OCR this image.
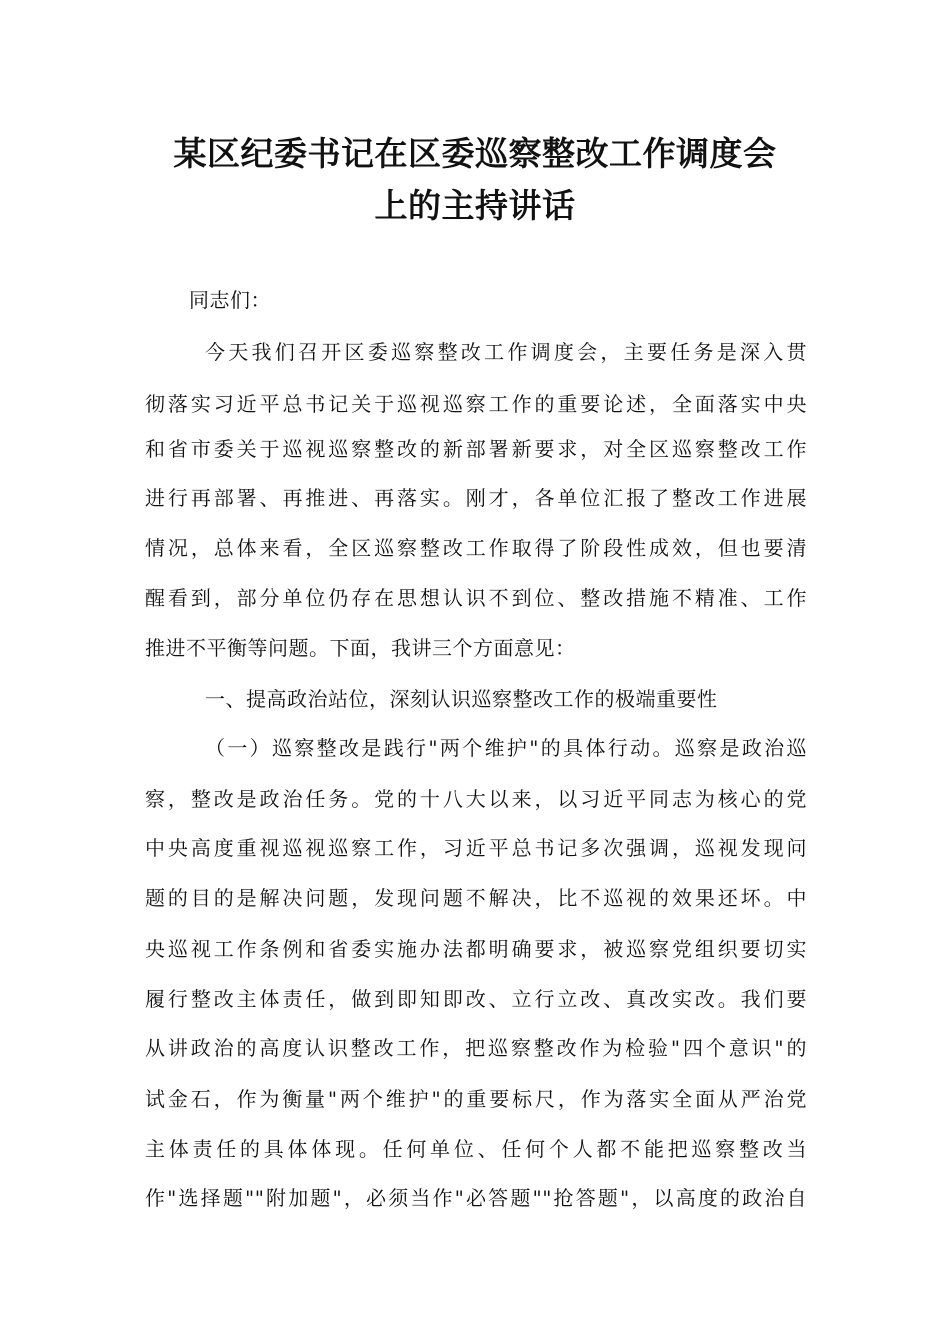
某区纪委书记在区委巡察整改工作调度会
上的主持讲话
同志们：
今天我们召开区委巡察整改工作调度会，主要任务是深入贯
彻落实习近平总书记关于巡视巡察工作的重要论述，全面落实中央
和省市委关于巡视巡察整改的新部署新要求，对全区巡察整改工作
进行再部署、再推进、再落实。刚才，各单位汇报了整改工作进展
情况，总体来看，全区巡察整改工作取得了阶段性成效，但也要清
醒看到，部分单位仍存在思想认识不到位、整改措施不精准、工作
推进不平衡等问题。下面，我讲三个方面意见：
一、提高政治站位，深刻认识巡察整改工作的极端重要性
（一）巡察整改是践行"两个维护"的具体行动。巡察是政治巡
察，整改是政治任务。党的十八大以来，以习近平同志为核心的党
中央高度重视巡视巡察工作，习近平总书记多次强调，巡视发现问
题的目的是解决问题，发现问题不解决，比不巡视的效果还坏。中
央巡视工作条例和省委实施办法都明确要求，被巡察党组织要切实
履行整改主体责任，做到即知即改、立行立改、真改实改。我们要
从讲政治的高度认识整改工作，把巡察整改作为检验"四个意识"的
试金石，作为衡量"两个维护"的重要标尺，作为落实全面从严治党
主体责任的具体体现。任何单位、任何个人都不能把巡察整改当
作"选择题""附加题"，必须当作"必答题""抢答题"，以高度的政治自
